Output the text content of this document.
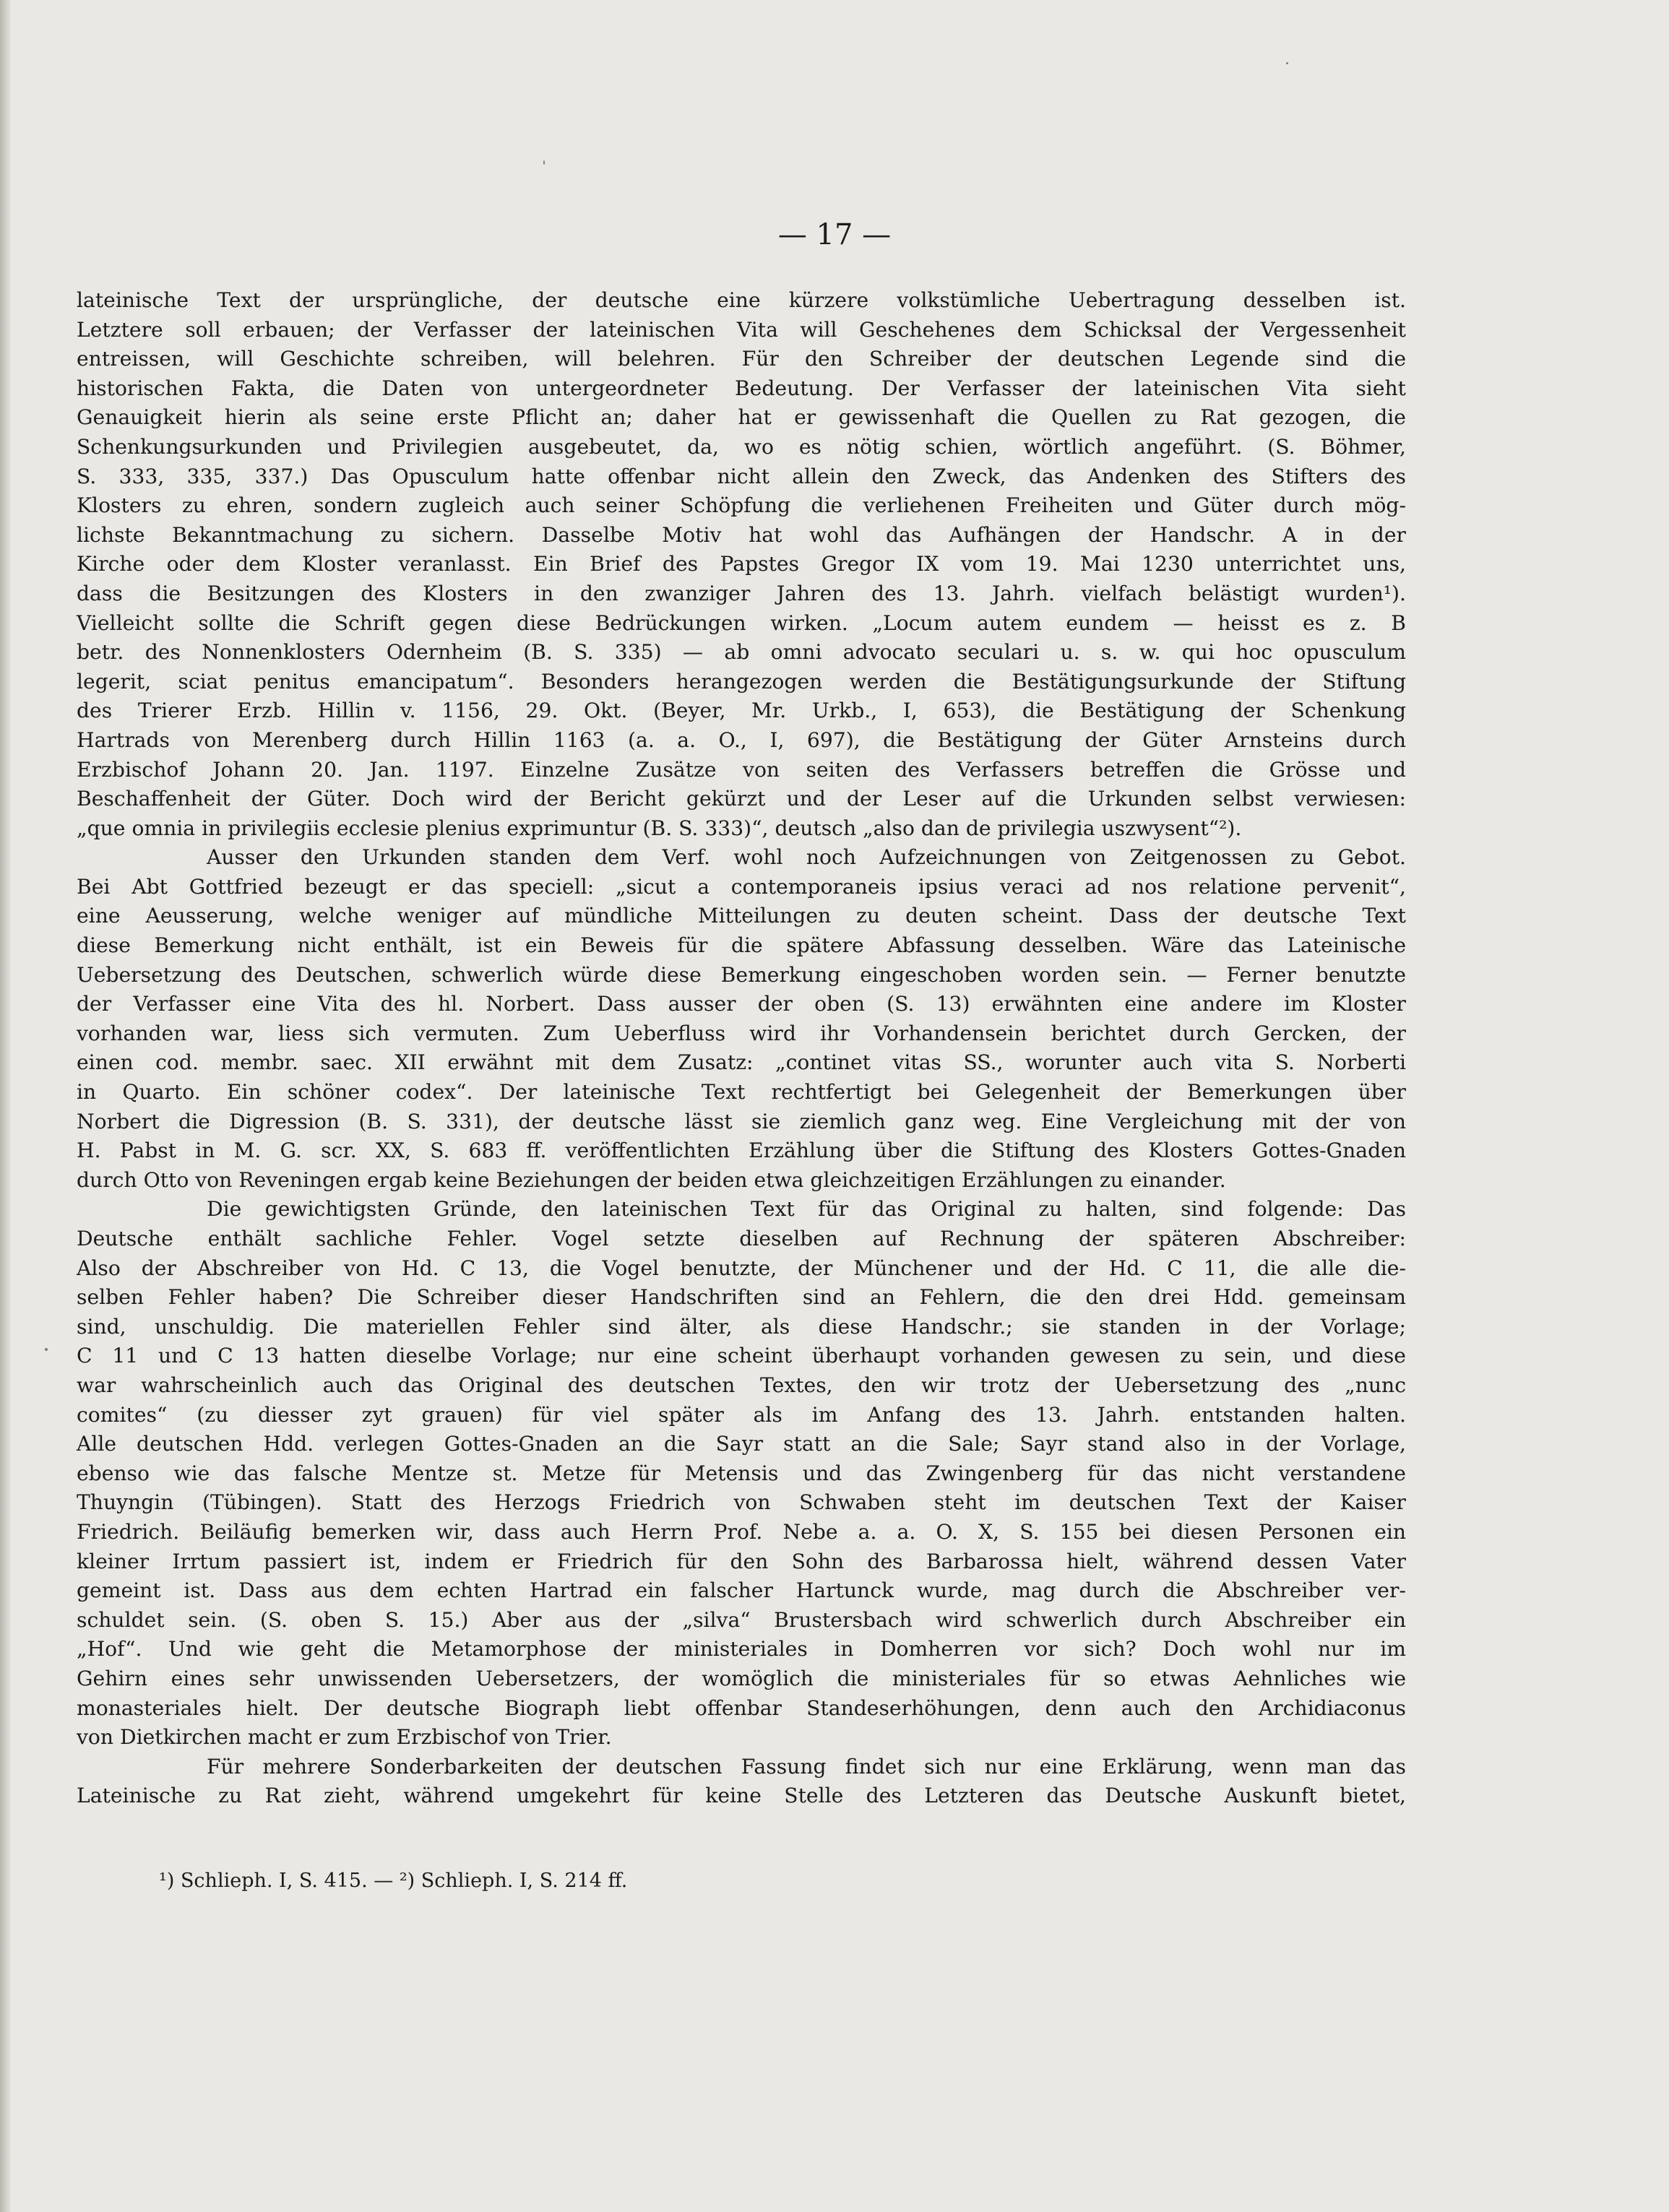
— 17 —
lateinische Text der ursprüngliche, der deutsche eine kürzere volkstümliche Uebertragung desselben ist.
Letztere soll erbauen; der Verfasser der lateinischen Vita will Geschehenes dem Schicksal der Vergessenheit
entreissen, will Geschichte schreiben, will belehren. Für den Schreiber der deutschen Legende sind die
historischen Fakta, die Daten von untergeordneter Bedeutung. Der Verfasser der lateinischen Vita sieht
Genauigkeit hierin als seine erste Pflicht an; daher hat er gewissenhaft die Quellen zu Rat gezogen, die
Schenkungsurkunden und Privilegien ausgebeutet, da, wo es nötig schien, wörtlich angeführt. (S. Böhmer,
S. 333, 335, 337.) Das Opusculum hatte offenbar nicht allein den Zweck, das Andenken des Stifters des
Klosters zu ehren, sondern zugleich auch seiner Schöpfung die verliehenen Freiheiten und Güter durch mög-
lichste Bekanntmachung zu sichern. Dasselbe Motiv hat wohl das Aufhängen der Handschr. A in der
Kirche oder dem Kloster veranlasst. Ein Brief des Papstes Gregor IX vom 19. Mai 1230 unterrichtet uns,
dass die Besitzungen des Klosters in den zwanziger Jahren des 13. Jahrh. vielfach belästigt wurden¹).
Vielleicht sollte die Schrift gegen diese Bedrückungen wirken. „Locum autem eundem — heisst es z. B
betr. des Nonnenklosters Odernheim (B. S. 335) — ab omni advocato seculari u. s. w. qui hoc opusculum
legerit, sciat penitus emancipatum“. Besonders herangezogen werden die Bestätigungsurkunde der Stiftung
des Trierer Erzb. Hillin v. 1156, 29. Okt. (Beyer, Mr. Urkb., I, 653), die Bestätigung der Schenkung
Hartrads von Merenberg durch Hillin 1163 (a. a. O., I, 697), die Bestätigung der Güter Arnsteins durch
Erzbischof Johann 20. Jan. 1197. Einzelne Zusätze von seiten des Verfassers betreffen die Grösse und
Beschaffenheit der Güter. Doch wird der Bericht gekürzt und der Leser auf die Urkunden selbst verwiesen:
„que omnia in privilegiis ecclesie plenius exprimuntur (B. S. 333)“, deutsch „also dan de privilegia uszwysent“²).
Ausser den Urkunden standen dem Verf. wohl noch Aufzeichnungen von Zeitgenossen zu Gebot.
Bei Abt Gottfried bezeugt er das speciell: „sicut a contemporaneis ipsius veraci ad nos relatione pervenit“,
eine Aeusserung, welche weniger auf mündliche Mitteilungen zu deuten scheint. Dass der deutsche Text
diese Bemerkung nicht enthält, ist ein Beweis für die spätere Abfassung desselben. Wäre das Lateinische
Uebersetzung des Deutschen, schwerlich würde diese Bemerkung eingeschoben worden sein. — Ferner benutzte
der Verfasser eine Vita des hl. Norbert. Dass ausser der oben (S. 13) erwähnten eine andere im Kloster
vorhanden war, liess sich vermuten. Zum Ueberfluss wird ihr Vorhandensein berichtet durch Gercken, der
einen cod. membr. saec. XII erwähnt mit dem Zusatz: „continet vitas SS., worunter auch vita S. Norberti
in Quarto. Ein schöner codex“. Der lateinische Text rechtfertigt bei Gelegenheit der Bemerkungen über
Norbert die Digression (B. S. 331), der deutsche lässt sie ziemlich ganz weg. Eine Vergleichung mit der von
H. Pabst in M. G. scr. XX, S. 683 ff. veröffentlichten Erzählung über die Stiftung des Klosters Gottes-Gnaden
durch Otto von Reveningen ergab keine Beziehungen der beiden etwa gleichzeitigen Erzählungen zu einander.
Die gewichtigsten Gründe, den lateinischen Text für das Original zu halten, sind folgende: Das
Deutsche enthält sachliche Fehler. Vogel setzte dieselben auf Rechnung der späteren Abschreiber:
Also der Abschreiber von Hd. C 13, die Vogel benutzte, der Münchener und der Hd. C 11, die alle die-
selben Fehler haben? Die Schreiber dieser Handschriften sind an Fehlern, die den drei Hdd. gemeinsam
sind, unschuldig. Die materiellen Fehler sind älter, als diese Handschr.; sie standen in der Vorlage;
C 11 und C 13 hatten dieselbe Vorlage; nur eine scheint überhaupt vorhanden gewesen zu sein, und diese
war wahrscheinlich auch das Original des deutschen Textes, den wir trotz der Uebersetzung des „nunc
comites“ (zu diesser zyt grauen) für viel später als im Anfang des 13. Jahrh. entstanden halten.
Alle deutschen Hdd. verlegen Gottes-Gnaden an die Sayr statt an die Sale; Sayr stand also in der Vorlage,
ebenso wie das falsche Mentze st. Metze für Metensis und das Zwingenberg für das nicht verstandene
Thuyngin (Tübingen). Statt des Herzogs Friedrich von Schwaben steht im deutschen Text der Kaiser
Friedrich. Beiläufig bemerken wir, dass auch Herrn Prof. Nebe a. a. O. X, S. 155 bei diesen Personen ein
kleiner Irrtum passiert ist, indem er Friedrich für den Sohn des Barbarossa hielt, während dessen Vater
gemeint ist. Dass aus dem echten Hartrad ein falscher Hartunck wurde, mag durch die Abschreiber ver-
schuldet sein. (S. oben S. 15.) Aber aus der „silva“ Brustersbach wird schwerlich durch Abschreiber ein
„Hof“. Und wie geht die Metamorphose der ministeriales in Domherren vor sich? Doch wohl nur im
Gehirn eines sehr unwissenden Uebersetzers, der womöglich die ministeriales für so etwas Aehnliches wie
monasteriales hielt. Der deutsche Biograph liebt offenbar Standeserhöhungen, denn auch den Archidiaconus
von Dietkirchen macht er zum Erzbischof von Trier.
Für mehrere Sonderbarkeiten der deutschen Fassung findet sich nur eine Erklärung, wenn man das
Lateinische zu Rat zieht, während umgekehrt für keine Stelle des Letzteren das Deutsche Auskunft bietet,
¹) Schlieph. I, S. 415. — ²) Schlieph. I, S. 214 ff.
